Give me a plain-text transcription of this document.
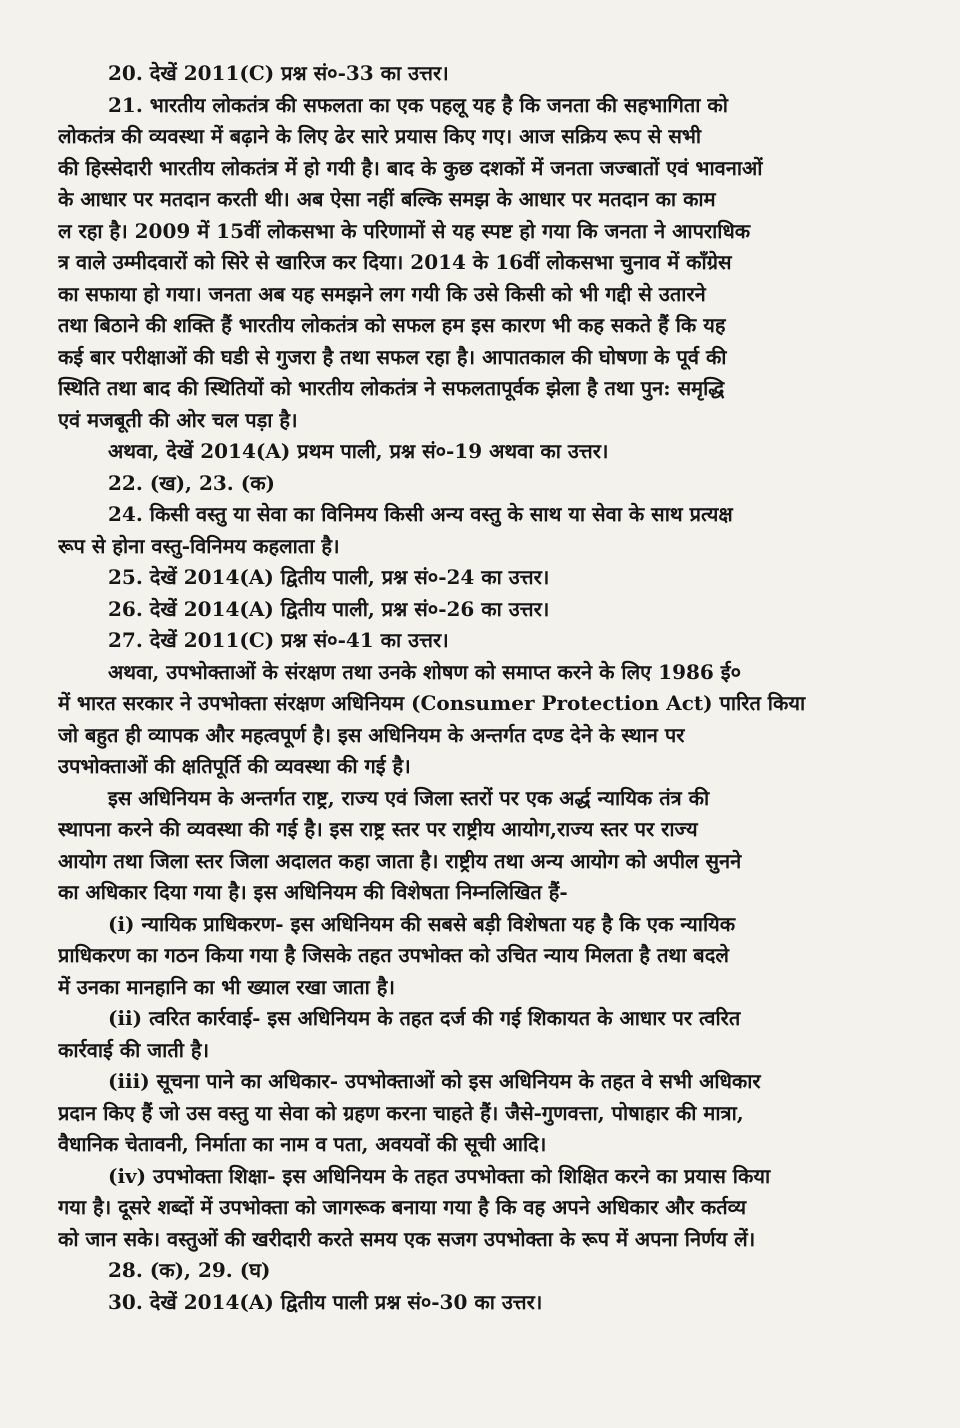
20. देखें 2011(C) प्रश्न सं०-33 का उत्तर।
21. भारतीय लोकतंत्र की सफलता का एक पहलू यह है कि जनता की सहभागिता को
लोकतंत्र की व्यवस्था में बढ़ाने के लिए ढेर सारे प्रयास किए गए। आज सक्रिय रूप से सभी
की हिस्सेदारी भारतीय लोकतंत्र में हो गयी है। बाद के कुछ दशकों में जनता जज्बातों एवं भावनाओं
के आधार पर मतदान करती थी। अब ऐसा नहीं बल्कि समझ के आधार पर मतदान का काम
ल रहा है। 2009 में 15वीं लोकसभा के परिणामों से यह स्पष्ट हो गया कि जनता ने आपराधिक
त्र वाले उम्मीदवारों को सिरे से खारिज कर दिया। 2014 के 16वीं लोकसभा चुनाव में कॉंग्रेस
का सफाया हो गया। जनता अब यह समझने लग गयी कि उसे किसी को भी गद्दी से उतारने
तथा बिठाने की शक्ति हैं भारतीय लोकतंत्र को सफल हम इस कारण भी कह सकते हैं कि यह
कई बार परीक्षाओं की घडी से गुजरा है तथा सफल रहा है। आपातकाल की घोषणा के पूर्व की
स्थिति तथा बाद की स्थितियों को भारतीय लोकतंत्र ने सफलतापूर्वक झेला है तथा पुन: समृद्धि
एवं मजबूती की ओर चल पड़ा है।
अथवा, देखें 2014(A) प्रथम पाली, प्रश्न सं०-19 अथवा का उत्तर।
22. (ख), 23. (क)
24. किसी वस्तु या सेवा का विनिमय किसी अन्य वस्तु के साथ या सेवा के साथ प्रत्यक्ष
रूप से होना वस्तु-विनिमय कहलाता है।
25. देखें 2014(A) द्वितीय पाली, प्रश्न सं०-24 का उत्तर।
26. देखें 2014(A) द्वितीय पाली, प्रश्न सं०-26 का उत्तर।
27. देखें 2011(C) प्रश्न सं०-41 का उत्तर।
अथवा, उपभोक्ताओं के संरक्षण तथा उनके शोषण को समाप्त करने के लिए 1986 ई०
में भारत सरकार ने उपभोक्ता संरक्षण अधिनियम (Consumer Protection Act) पारित किया
जो बहुत ही व्यापक और महत्वपूर्ण है। इस अधिनियम के अन्तर्गत दण्ड देने के स्थान पर
उपभोक्ताओं की क्षतिपूर्ति की व्यवस्था की गई है।
इस अधिनियम के अन्तर्गत राष्ट्र, राज्य एवं जिला स्तरों पर एक अर्द्ध न्यायिक तंत्र की
स्थापना करने की व्यवस्था की गई है। इस राष्ट्र स्तर पर राष्ट्रीय आयोग,राज्य स्तर पर राज्य
आयोग तथा जिला स्तर जिला अदालत कहा जाता है। राष्ट्रीय तथा अन्य आयोग को अपील सुनने
का अधिकार दिया गया है। इस अधिनियम की विशेषता निम्नलिखित हैं-
(i) न्यायिक प्राधिकरण- इस अधिनियम की सबसे बड़ी विशेषता यह है कि एक न्यायिक
प्राधिकरण का गठन किया गया है जिसके तहत उपभोक्त को उचित न्याय मिलता है तथा बदले
में उनका मानहानि का भी ख्याल रखा जाता है।
(ii) त्वरित कार्रवाई- इस अधिनियम के तहत दर्ज की गई शिकायत के आधार पर त्वरित
कार्रवाई की जाती है।
(iii) सूचना पाने का अधिकार- उपभोक्ताओं को इस अधिनियम के तहत वे सभी अधिकार
प्रदान किए हैं जो उस वस्तु या सेवा को ग्रहण करना चाहते हैं। जैसे-गुणवत्ता, पोषाहार की मात्रा,
वैधानिक चेतावनी, निर्माता का नाम व पता, अवयवों की सूची आदि।
(iv) उपभोक्ता शिक्षा- इस अधिनियम के तहत उपभोक्ता को शिक्षित करने का प्रयास किया
गया है। दूसरे शब्दों में उपभोक्ता को जागरूक बनाया गया है कि वह अपने अधिकार और कर्तव्य
को जान सके। वस्तुओं की खरीदारी करते समय एक सजग उपभोक्ता के रूप में अपना निर्णय लें।
28. (क), 29. (घ)
30. देखें 2014(A) द्वितीय पाली प्रश्न सं०-30 का उत्तर।
